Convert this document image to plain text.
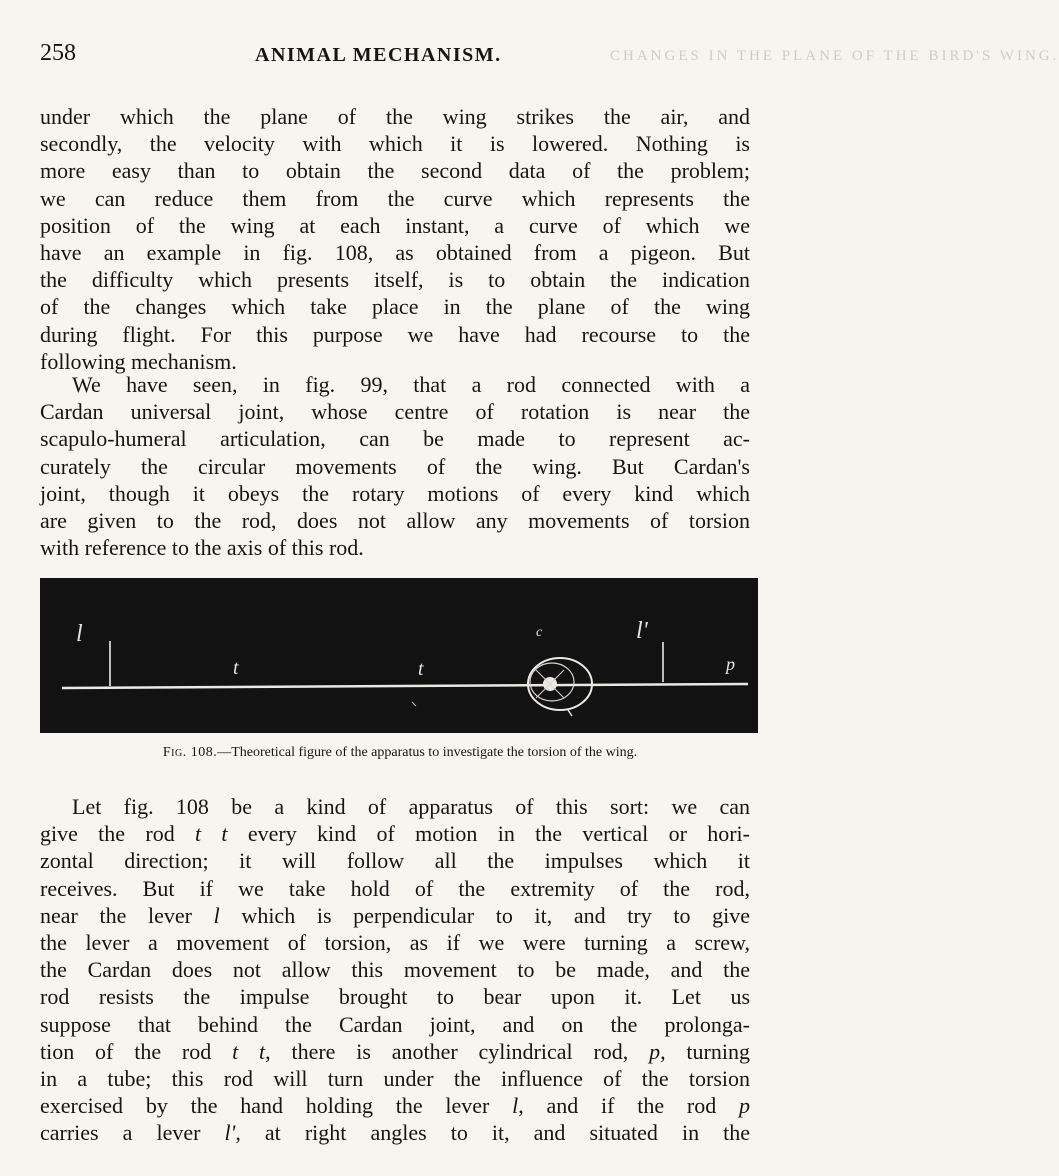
CHANGES IN THE PLANE OF THE BIRD'S WING.
258	ANIMAL MECHANISM.

under which the plane of the wing strikes the air, and
secondly, the velocity with which it is lowered. Nothing is
more easy than to obtain the second data of the problem;
we can reduce them from the curve which represents the
position of the wing at each instant, a curve of which we
have an example in fig. 108, as obtained from a pigeon. But
the difficulty which presents itself, is to obtain the indication
of the changes which take place in the plane of the wing
during flight. For this purpose we have had recourse to the
following mechanism.

We have seen, in fig. 99, that a rod connected with a
Cardan universal joint, whose centre of rotation is near the
scapulo-humeral articulation, can be made to represent ac-
curately the circular movements of the wing. But Cardan's
joint, though it obeys the rotary motions of every kind which
are given to the rod, does not allow any movements of torsion
with reference to the axis of this rod.

l
t	t
c	l'
p

Fig. 108.—Theoretical figure of the apparatus to investigate the torsion of the wing.

Let fig. 108 be a kind of apparatus of this sort: we can
give the rod t t every kind of motion in the vertical or hori-
zontal direction; it will follow all the impulses which it
receives. But if we take hold of the extremity of the rod,
near the lever l which is perpendicular to it, and try to give
the lever a movement of torsion, as if we were turning a screw,
the Cardan does not allow this movement to be made, and the
rod resists the impulse brought to bear upon it. Let us
suppose that behind the Cardan joint, and on the prolonga-
tion of the rod t t, there is another cylindrical rod, p, turning
in a tube; this rod will turn under the influence of the torsion
exercised by the hand holding the lever l, and if the rod p
carries a lever l', at right angles to it, and situated in the
